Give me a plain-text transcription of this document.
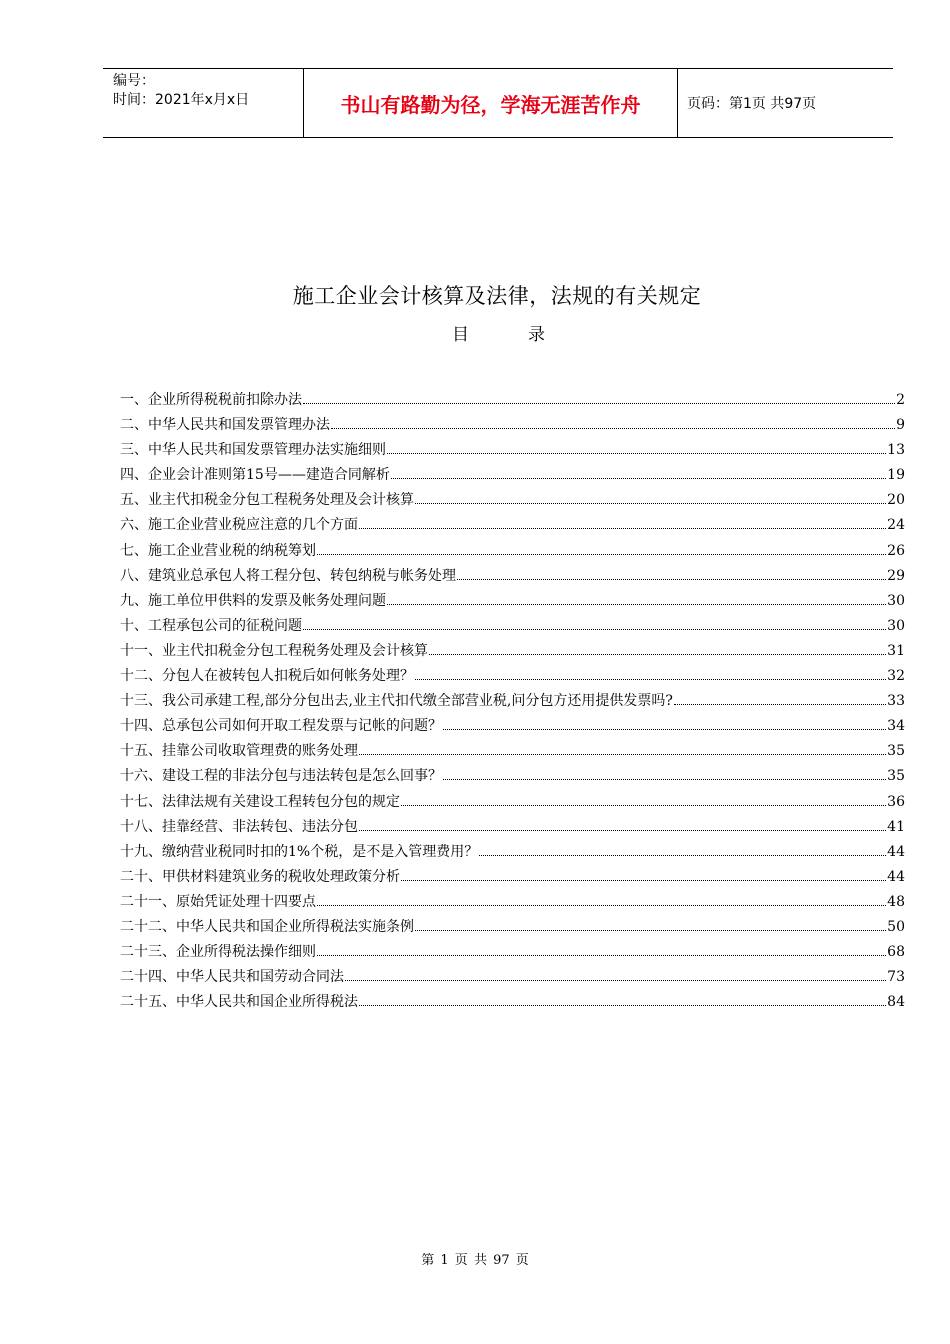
编号：
时间：2021年x月x日	书山有路勤为径，学海无涯苦作舟	页码：第1页 共97页
施工企业会计核算及法律，法规的有关规定
目	录
一、企业所得税税前扣除办法	2
二、中华人民共和国发票管理办法	9
三、中华人民共和国发票管理办法实施细则	13
四、企业会计准则第15号——建造合同解析	19
五、业主代扣税金分包工程税务处理及会计核算	20
六、施工企业营业税应注意的几个方面	24
七、施工企业营业税的纳税筹划	26
八、建筑业总承包人将工程分包、转包纳税与帐务处理	29
九、施工单位甲供料的发票及帐务处理问题	30
十、工程承包公司的征税问题	30
十一、业主代扣税金分包工程税务处理及会计核算	31
十二、分包人在被转包人扣税后如何帐务处理？	32
十三、我公司承建工程,部分分包出去,业主代扣代缴全部营业税,问分包方还用提供发票吗?	33
十四、总承包公司如何开取工程发票与记帐的问题？	34
十五、挂靠公司收取管理费的账务处理	35
十六、建设工程的非法分包与违法转包是怎么回事？	35
十七、法律法规有关建设工程转包分包的规定	36
十八、挂靠经营、非法转包、违法分包	41
十九、缴纳营业税同时扣的1%个税，是不是入管理费用？	44
二十、甲供材料建筑业务的税收处理政策分析	44
二十一、原始凭证处理十四要点	48
二十二、中华人民共和国企业所得税法实施条例	50
二十三、企业所得税法操作细则	68
二十四、中华人民共和国劳动合同法	73
二十五、中华人民共和国企业所得税法	84
第 1 页 共 97 页
